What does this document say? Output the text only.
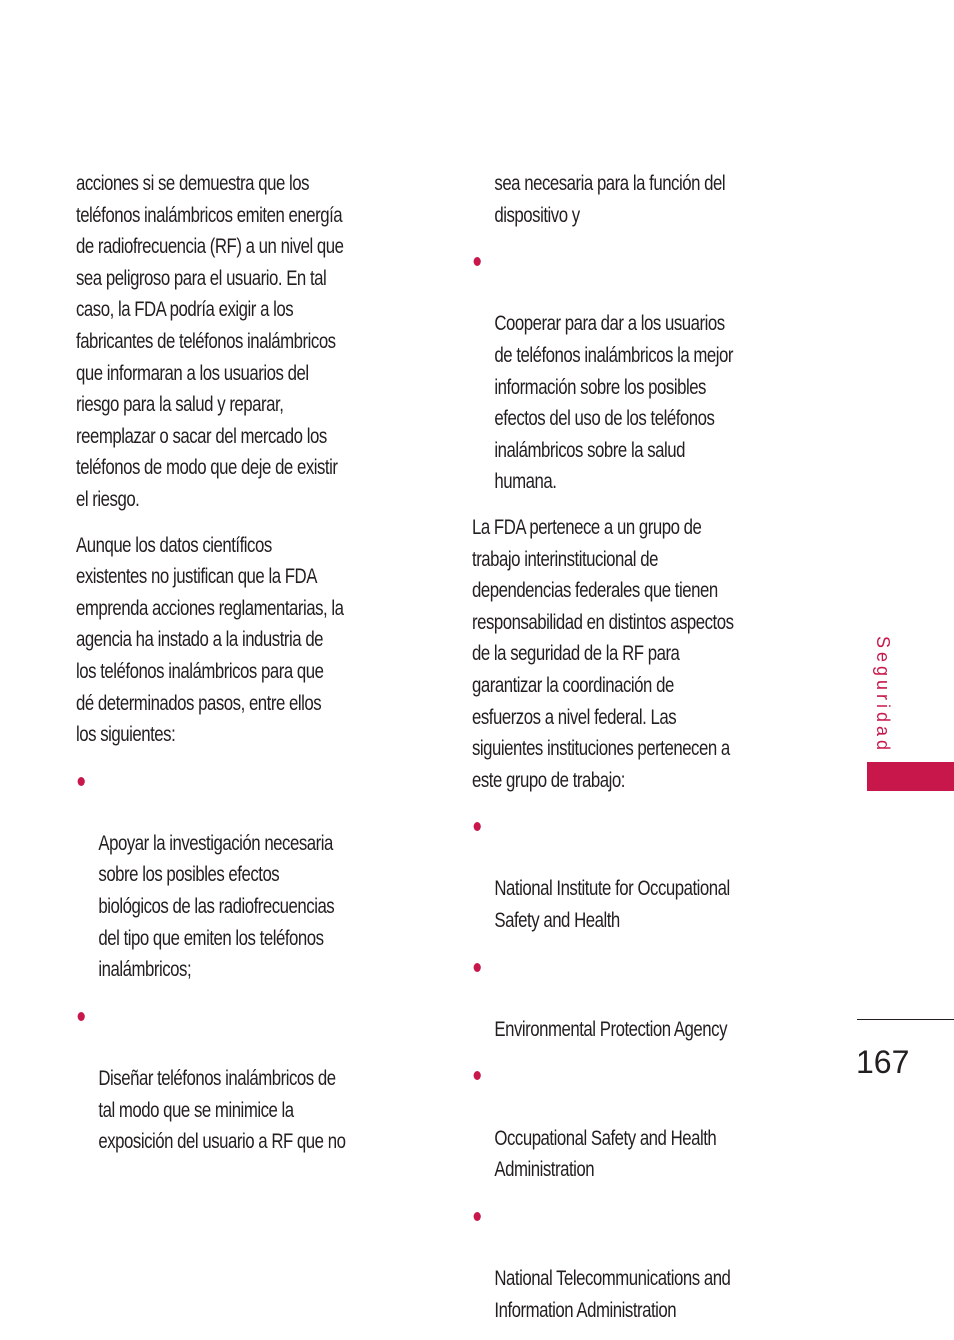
acciones si se demuestra que los
teléfonos inalámbricos emiten energía
de radiofrecuencia (RF) a un nivel que
sea peligroso para el usuario. En tal
caso, la FDA podría exigir a los
fabricantes de teléfonos inalámbricos
que informaran a los usuarios del
riesgo para la salud y reparar,
reemplazar o sacar del mercado los
teléfonos de modo que deje de existir
el riesgo.

Aunque los datos científicos
existentes no justifican que la FDA
emprenda acciones reglamentarias, la
agencia ha instado a la industria de
los teléfonos inalámbricos para que
dé determinados pasos, entre ellos
los siguientes:

Apoyar la investigación necesaria
sobre los posibles efectos
biológicos de las radiofrecuencias
del tipo que emiten los teléfonos
inalámbricos;

Diseñar teléfonos inalámbricos de
tal modo que se minimice la
exposición del usuario a RF que no

sea necesaria para la función del
dispositivo y

Cooperar para dar a los usuarios
de teléfonos inalámbricos la mejor
información sobre los posibles
efectos del uso de los teléfonos
inalámbricos sobre la salud
humana.

La FDA pertenece a un grupo de
trabajo interinstitucional de
dependencias federales que tienen
responsabilidad en distintos aspectos
de la seguridad de la RF para
garantizar la coordinación de
esfuerzos a nivel federal. Las
siguientes instituciones pertenecen a
este grupo de trabajo:

National Institute for Occupational
Safety and Health

Environmental Protection Agency

Occupational Safety and Health
Administration

National Telecommunications and
Information Administration

Seguridad
167
